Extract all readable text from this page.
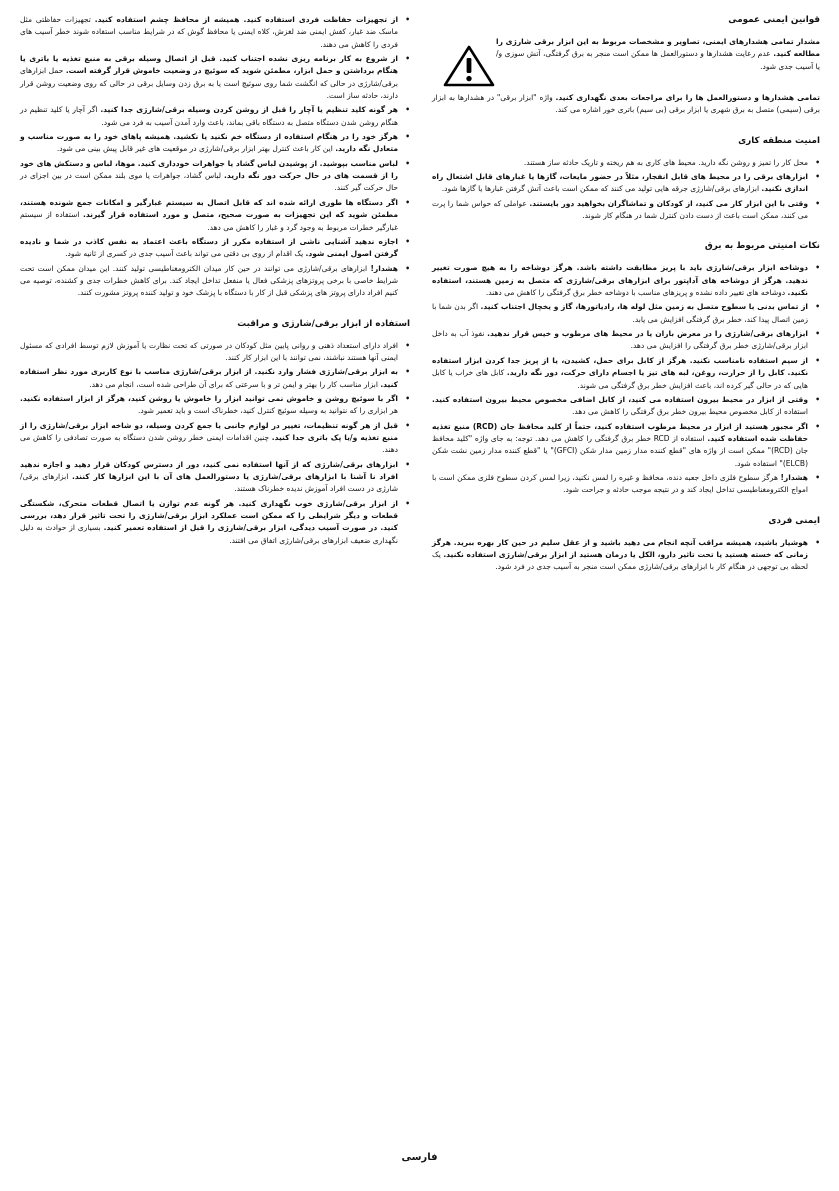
قوانین ایمنی عمومی

مشدار تمامی هشدارهای ایمنی، تصاویر و مشخصات مربوط به این ابزار برقی شارژی را مطالعه کنید. عدم رعایت هشدارها و دستورالعمل ها ممکن است منجر به برق گرفتگی، آتش سوزی و/یا آسیب جدی شود.

تمامی هشدارها و دستورالعمل ها را برای مراجعات بعدی نگهداری کنید. واژه "ابزار برقی" در هشدارها به ابزار برقی (سیمی) متصل به برق شهری یا ابزار برقی (بی سیم) باتری خور اشاره می کند.

امنیت منطقه کاری
• محل کار را تمیز و روشن نگه دارید. محیط های کاری به هم ریخته و تاریک حادثه ساز هستند.
• ابزارهای برقی را در محیط های قابل انفجار، مثلاً در حضور مایعات، گازها یا غبارهای قابل اشتعال راه اندازی نکنید. ابزارهای برقی/شارژی جرقه هایی تولید می کنند که ممکن است باعث آتش گرفتن غبارها یا گازها شود.
• وقتی با این ابزار کار می کنید، از کودکان و تماشاگران بخواهید دور بایستند. عواملی که حواس شما را پرت می کنند، ممکن است باعث از دست دادن کنترل شما در هنگام کار شوند.
نکات امنیتی مربوط به برق
• دوشاخه ابزار برقی/شارژی باید با پریز مطابقت داشته باشد. هرگز دوشاخه را به هیچ صورت تغییر ندهید. هرگز از دوشاخه های آداپتور برای ابزارهای برقی/شارژی که متصل به زمین هستند، استفاده نکنید. دوشاخه های تغییر داده نشده و پریزهای مناسب با دوشاخه خطر برق گرفتگی را کاهش می دهند.
• از تماس بدنی با سطوح متصل به زمین مثل لوله ها، رادیاتورها، گاز و یخچال اجتناب کنید. اگر بدن شما با زمین اتصال پیدا کند، خطر برق گرفتگی افزایش می یابد.
• ابزارهای برقی/شارژی را در معرض باران یا در محیط های مرطوب و خیس قرار ندهید. نفوذ آب به داخل ابزار برقی/شارژی خطر برق گرفتگی را افزایش می دهد.
• از سیم استفاده نامناسب نکنید. هرگز از کابل برای حمل، کشیدن، یا از پریز جدا کردن ابزار استفاده نکنید. کابل را از حرارت، روغن، لبه های تیز یا اجسام دارای حرکت، دور نگه دارید. کابل های خراب یا کابل هایی که در حالی گیر کرده اند، باعث افزایش خطر برق گرفتگی می شوند.
• وقتی از ابزار در محیط بیرون استفاده می کنید، از کابل اضافی مخصوص محیط بیرون استفاده کنید. استفاده از کابل مخصوص محیط بیرون خطر برق گرفتگی را کاهش می دهد.
• اگر مجبور هستید از ابزار در محیط مرطوب استفاده کنید، حتماً از کلید محافظ جان (RCD) منبع تغذیه حفاظت شده استفاده کنید. استفاده از RCD خطر برق گرفتگی را کاهش می دهد. توجه: به جای واژه "کلید محافظ جان (RCD)" ممکن است از واژه های "قطع کننده مدار زمین مدار شکن (GFCI)" یا "قطع کننده مدار زمین نشت شکن (ELCB)" استفاده شود.
• هشدار! هرگز سطوح فلزی داخل جعبه دنده، محافظ و غیره را لمس نکنید، زیرا لمس کردن سطوح فلزی ممکن است با امواج الکترومغناطیسی تداخل ایجاد کند و در نتیجه موجب حادثه و جراحت شود.
ایمنی فردی
• هوشیار باشید، همیشه مراقب آنچه انجام می دهید باشید و از عقل سلیم در حین کار بهره ببرید. هرگز زمانی که خسته هستید یا تحت تاثیر دارو، الکل یا درمان هستید از ابزار برقی/شارژی استفاده نکنید. یک لحظه بی توجهی در هنگام کار با ابزارهای برقی/شارژی ممکن است منجر به آسیب جدی در فرد شود.
• از تجهیزات حفاظت فردی استفاده کنید. همیشه از محافظ چشم استفاده کنید. تجهیزات حفاظتی مثل ماسک ضد غبار، کفش ایمنی ضد لغزش، کلاه ایمنی یا محافظ گوش که در شرایط مناسب استفاده شوند خطر آسیب های فردی را کاهش می دهند.
• از شروع به کار برنامه ریزی نشده اجتناب کنید. قبل از اتصال وسیله برقی به منبع تغذیه یا باتری یا هنگام برداشتن و حمل ابزار، مطمئن شوید که سوئیچ در وضعیت خاموش قرار گرفته است. حمل ابزارهای برقی/شارژی در حالی که انگشت شما روی سوئیچ است یا به برق زدن وسایل برقی در حالی که روی وضعیت روشن قرار دارند، حادثه ساز است.
• هر گونه کلید تنظیم یا آچار را قبل از روشن کردن وسیله برقی/شارژی جدا کنید. اگر آچار یا کلید تنظیم در هنگام روشن شدن دستگاه متصل به دستگاه باقی بماند، باعث وارد آمدن آسیب به فرد می شود.
• هرگز خود را در هنگام استفاده از دستگاه خم نکنید یا نکشید. همیشه پاهای خود را به صورت مناسب و متعادل نگه دارید. این کار باعث کنترل بهتر ابزار برقی/شارژی در موقعیت های غیر قابل پیش بینی می شود.
• لباس مناسب بپوشید. از پوشیدن لباس گشاد یا جواهرات خودداری کنید. موها، لباس و دستکش های خود را از قسمت های در حال حرکت دور نگه دارید. لباس گشاد، جواهرات یا موی بلند ممکن است در بین اجزای در حال حرکت گیر کنند.
• اگر دستگاه ها طوری ارائه شده اند که قابل اتصال به سیستم غبارگیر و امکانات جمع شونده هستند، مطمئن شوید که این تجهیزات به صورت صحیح، متصل و مورد استفاده قرار گیرند. استفاده از سیستم غبارگیر خطرات مربوط به وجود گرد و غبار را کاهش می دهد.
• اجازه ندهید آشنایی ناشی از استفاده مکرر از دستگاه باعث اعتماد به نفس کاذب در شما و نادیده گرفتن اصول ایمنی شود. یک اقدام از روی بی دقتی می تواند باعث آسیب جدی در کسری از ثانیه شود.
• هشدار! ابزارهای برقی/شارژی می توانند در حین کار میدان الکترومغناطیسی تولید کنند. این میدان ممکن است تحت شرایط خاصی با برخی پروتزهای پزشکی فعال یا منفعل تداخل ایجاد کند. برای کاهش خطرات جدی و کشنده، توصیه می کنیم افراد دارای پروتز های پزشکی قبل از کار با دستگاه با پزشک خود و تولید کننده پروتز مشورت کنند.
استفاده از ابزار برقی/شارژی و مراقبت
• افراد دارای استعداد ذهنی و روانی پایین مثل کودکان در صورتی که تحت نظارت یا آموزش لازم توسط افرادی که مسئول ایمنی آنها هستند نباشند، نمی توانند با این ابزار کار کنند.
• به ابزار برقی/شارژی فشار وارد نکنید. از ابزار برقی/شارژی مناسب با نوع کاربری مورد نظر استفاده کنید. ابزار مناسب کار را بهتر و ایمن تر و با سرعتی که برای آن طراحی شده است، انجام می دهد.
• اگر با سوئیچ روشن و خاموش نمی توانید ابزار را خاموش یا روشن کنید، هرگز از ابزار استفاده نکنید. هر ابزاری را که نتوانید به وسیله سوئیچ کنترل کنید، خطرناک است و باید تعمیر شود.
• قبل از هر گونه تنظیمات، تغییر در لوازم جانبی یا جمع کردن وسیله، دو شاخه ابزار برقی/شارژی را از منبع تغذیه و/یا پک باتری جدا کنید. چنین اقدامات ایمنی خطر روشن شدن دستگاه به صورت تصادفی را کاهش می دهند.
• ابزارهای برقی/شارژی که از آنها استفاده نمی کنید، دور از دسترس کودکان قرار دهید و اجازه ندهید افراد نا آشنا با ابزارهای برقی/شارژی یا دستورالعمل های آن با این ابزارها کار کنند. ابزارهای برقی/شارژی در دست افراد آموزش ندیده خطرناک هستند.
• از ابزار برقی/شارژی خوب نگهداری کنید. هر گونه عدم توازن یا اتصال قطعات متحرک، شکستگی قطعات و دیگر شرایطی را که ممکن است عملکرد ابزار برقی/شارژی را تحت تاثیر قرار دهد، بررسی کنید. در صورت آسیب دیدگی، ابزار برقی/شارژی را قبل از استفاده تعمیر کنید. بسیاری از حوادث به دلیل نگهداری ضعیف ابزارهای برقی/شارژی اتفاق می افتند.
فارسی
